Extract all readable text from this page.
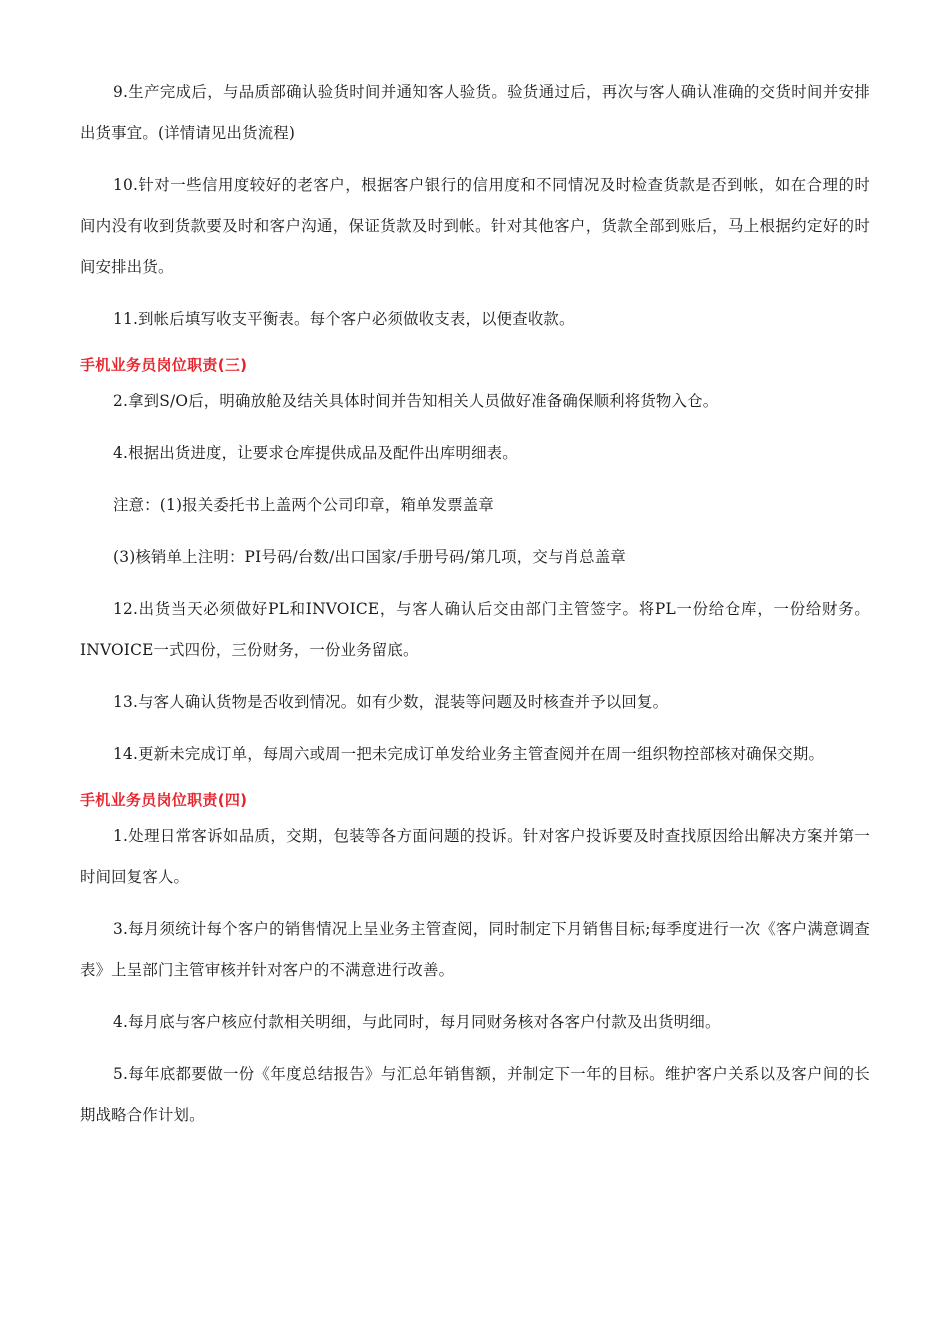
9.生产完成后，与品质部确认验货时间并通知客人验货。验货通过后，再次与客人确认准确的交货时间并安排出货事宜。(详情请见出货流程)

10.针对一些信用度较好的老客户，根据客户银行的信用度和不同情况及时检查货款是否到帐，如在合理的时间内没有收到货款要及时和客户沟通，保证货款及时到帐。针对其他客户，货款全部到账后，马上根据约定好的时间安排出货。

11.到帐后填写收支平衡表。每个客户必须做收支表，以便查收款。

手机业务员岗位职责(三)

2.拿到S/O后，明确放舱及结关具体时间并告知相关人员做好准备确保顺利将货物入仓。

4.根据出货进度，让要求仓库提供成品及配件出库明细表。

注意：(1)报关委托书上盖两个公司印章，箱单发票盖章

(3)核销单上注明：PI号码/台数/出口国家/手册号码/第几项，交与肖总盖章

12.出货当天必须做好PL和INVOICE，与客人确认后交由部门主管签字。将PL一份给仓库，一份给财务。INVOICE一式四份，三份财务，一份业务留底。

13.与客人确认货物是否收到情况。如有少数，混装等问题及时核查并予以回复。

14.更新未完成订单，每周六或周一把未完成订单发给业务主管查阅并在周一组织物控部核对确保交期。

手机业务员岗位职责(四)

1.处理日常客诉如品质，交期，包装等各方面问题的投诉。针对客户投诉要及时查找原因给出解决方案并第一时间回复客人。

3.每月须统计每个客户的销售情况上呈业务主管查阅，同时制定下月销售目标;每季度进行一次《客户满意调查表》上呈部门主管审核并针对客户的不满意进行改善。

4.每月底与客户核应付款相关明细，与此同时，每月同财务核对各客户付款及出货明细。

5.每年底都要做一份《年度总结报告》与汇总年销售额，并制定下一年的目标。维护客户关系以及客户间的长期战略合作计划。
